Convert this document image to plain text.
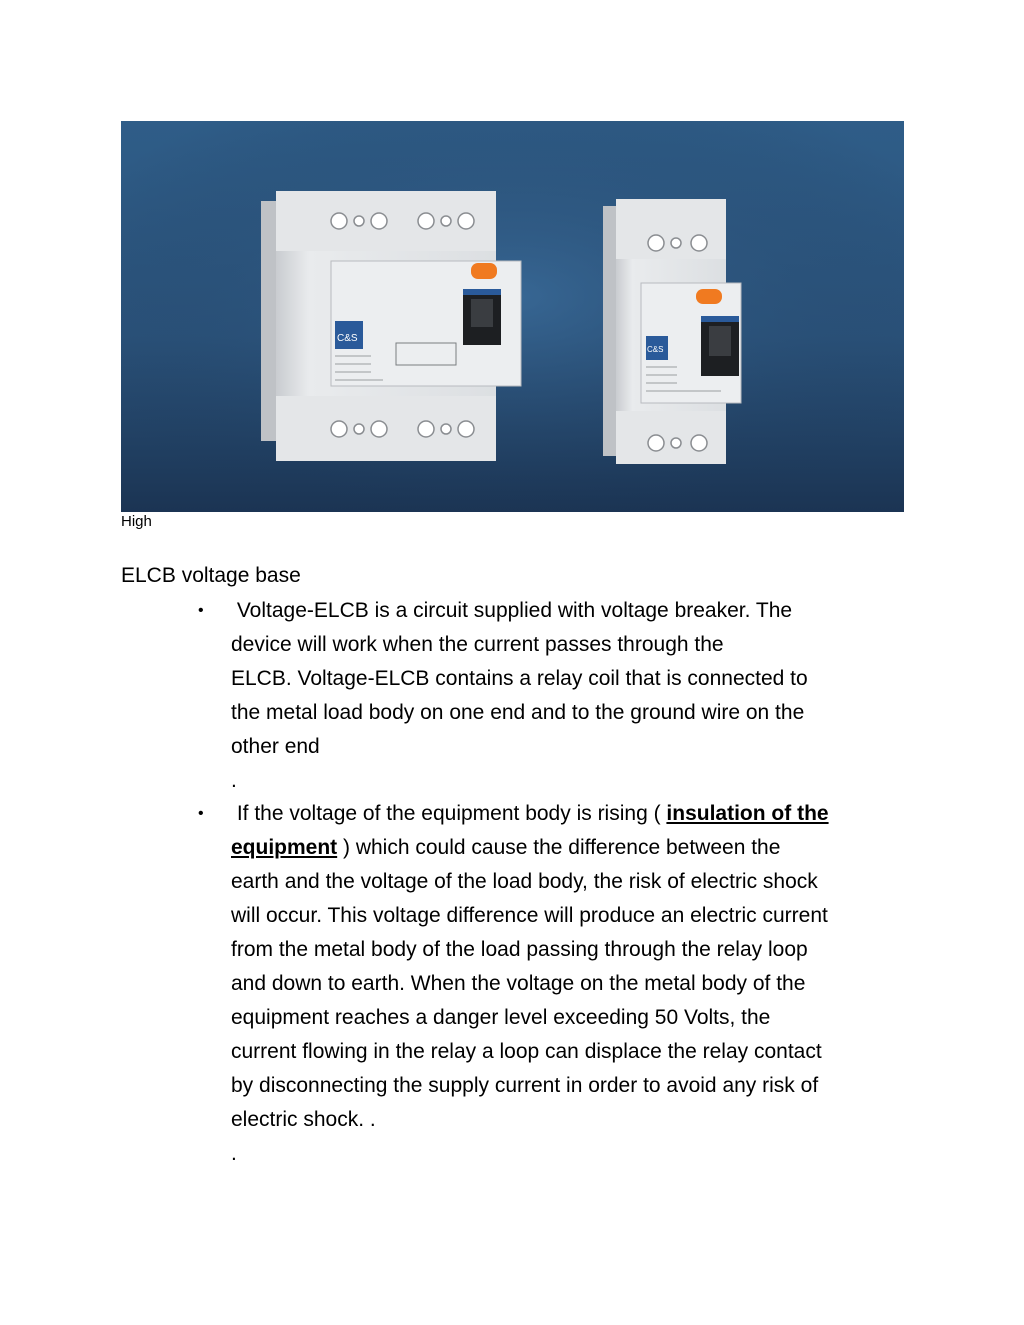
C&S
C&S
High
ELCB voltage base
• Voltage-ELCB is a circuit supplied with voltage breaker. The

device will work when the current passes through the

ELCB. Voltage-ELCB contains a relay coil that is connected to

the metal load body on one end and to the ground wire on the

other end

.

• If the voltage of the equipment body is rising ( insulation of the

equipment ) which could cause the difference between the

earth and the voltage of the load body, the risk of electric shock

will occur. This voltage difference will produce an electric current

from the metal body of the load passing through the relay loop

and down to earth. When the voltage on the metal body of the

equipment reaches a danger level exceeding 50 Volts, the

current flowing in the relay a loop can displace the relay contact

by disconnecting the supply current in order to avoid any risk of

electric shock. .

.
